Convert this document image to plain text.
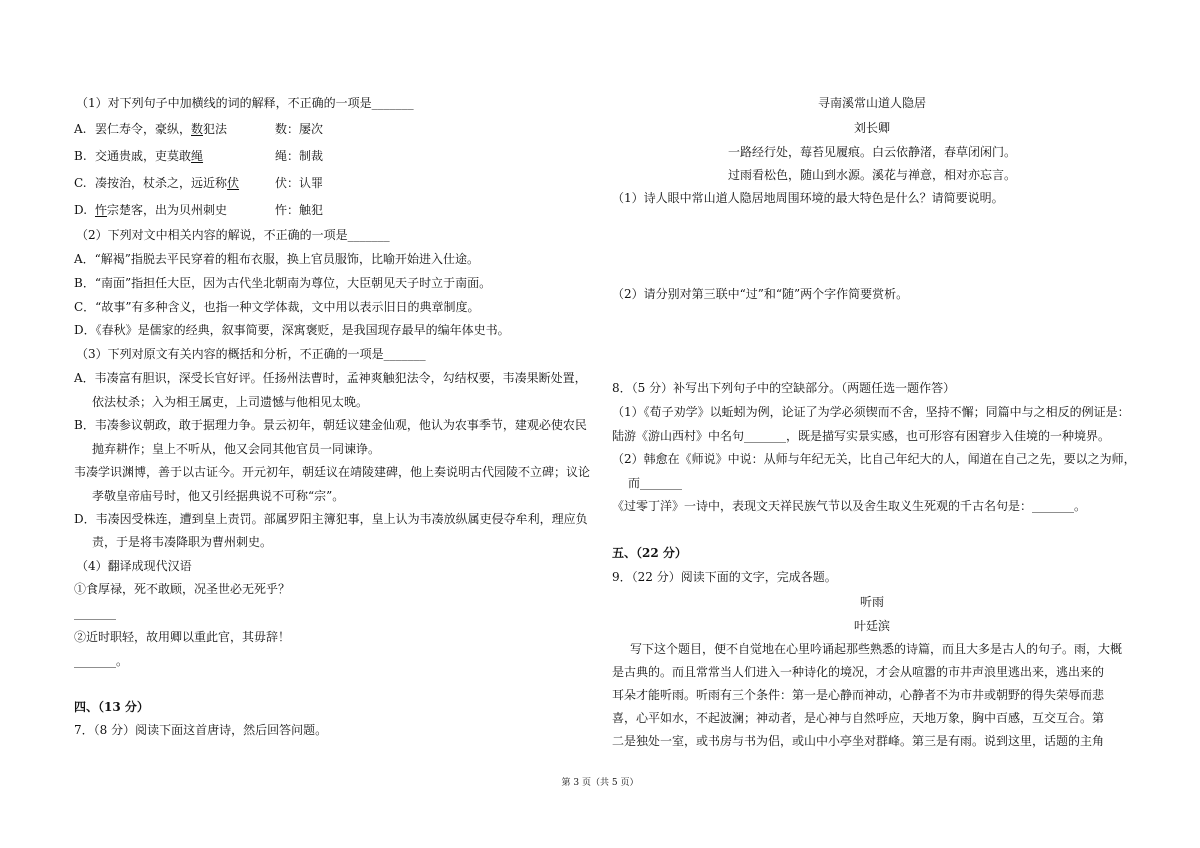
（1）对下列句子中加横线的词的解释，不正确的一项是_______
A. 罢仁寿令，豪纵，数犯法	数：屡次
B. 交通贵戚，吏莫敢绳	绳：制裁
C. 凑按治，杖杀之，远近称伏	伏：认罪
D. 忤宗楚客，出为贝州刺史	忤：触犯
（2）下列对文中相关内容的解说，不正确的一项是_______
A．“解褐”指脱去平民穿着的粗布衣服，换上官员服饰，比喻开始进入仕途。
B．“南面”指担任大臣，因为古代坐北朝南为尊位，大臣朝见天子时立于南面。
C．“故事”有多种含义，也指一种文学体裁，文中用以表示旧日的典章制度。
D．《春秋》是儒家的经典，叙事简要，深寓褒贬，是我国现存最早的编年体史书。
（3）下列对原文有关内容的概括和分析，不正确的一项是_______
A．韦凑富有胆识，深受长官好评。任扬州法曹时，孟神爽触犯法令，勾结权要，韦凑果断处置，
依法杖杀；入为相王属吏，上司遗憾与他相见太晚。
B．韦凑参议朝政，敢于据理力争。景云初年，朝廷议建金仙观，他认为农事季节，建观必使农民
抛弃耕作；皇上不听从，他又会同其他官员一同谏诤。
韦凑学识渊博，善于以古证今。开元初年，朝廷议在靖陵建碑，他上奏说明古代园陵不立碑；议论
孝敬皇帝庙号时，他又引经据典说不可称“宗”。
D．韦凑因受株连，遭到皇上责罚。部属罗阳主簿犯事，皇上认为韦凑放纵属吏侵夺牟利，理应负
责，于是将韦凑降职为曹州刺史。
（4）翻译成现代汉语
①食厚禄，死不敢顾，况圣世必无死乎？
_______
②近时职轻，故用卿以重此官，其毋辞！
_______。
四、（13 分）
7．（8 分）阅读下面这首唐诗，然后回答问题。
寻南溪常山道人隐居
刘长卿
一路经行处，莓苔见履痕。白云依静渚，春草闭闲门。
过雨看松色，随山到水源。溪花与禅意，相对亦忘言。
（1）诗人眼中常山道人隐居地周围环境的最大特色是什么？请简要说明。
（2）请分别对第三联中“过”和“随”两个字作简要赏析。
8．（5 分）补写出下列句子中的空缺部分。（两题任选一题作答）
（1）《荀子劝学》以蚯蚓为例，论证了为学必须锲而不舍，坚持不懈；同篇中与之相反的例证是：
陆游《游山西村》中名句_______，既是描写实景实感，也可形容有困窘步入佳境的一种境界。
（2）韩愈在《师说》中说：从师与年纪无关，比自己年纪大的人，闻道在自己之先，要以之为师，
而_______
《过零丁洋》一诗中，表现文天祥民族气节以及舍生取义生死观的千古名句是：_______。
五、（22 分）
9．（22 分）阅读下面的文字，完成各题。
听雨
叶廷滨
写下这个题目，便不自觉地在心里吟诵起那些熟悉的诗篇，而且大多是古人的句子。雨，大概
是古典的。而且常常当人们进入一种诗化的境况，才会从喧嚣的市井声浪里逃出来，逃出来的
耳朵才能听雨。听雨有三个条件：第一是心静而神动，心静者不为市井或朝野的得失荣辱而悲
喜，心平如水，不起波澜；神动者，是心神与自然呼应，天地万象，胸中百感，互交互合。第
二是独处一室，或书房与书为侣，或山中小亭坐对群峰。第三是有雨。说到这里，话题的主角
第 3 页（共 5 页）
